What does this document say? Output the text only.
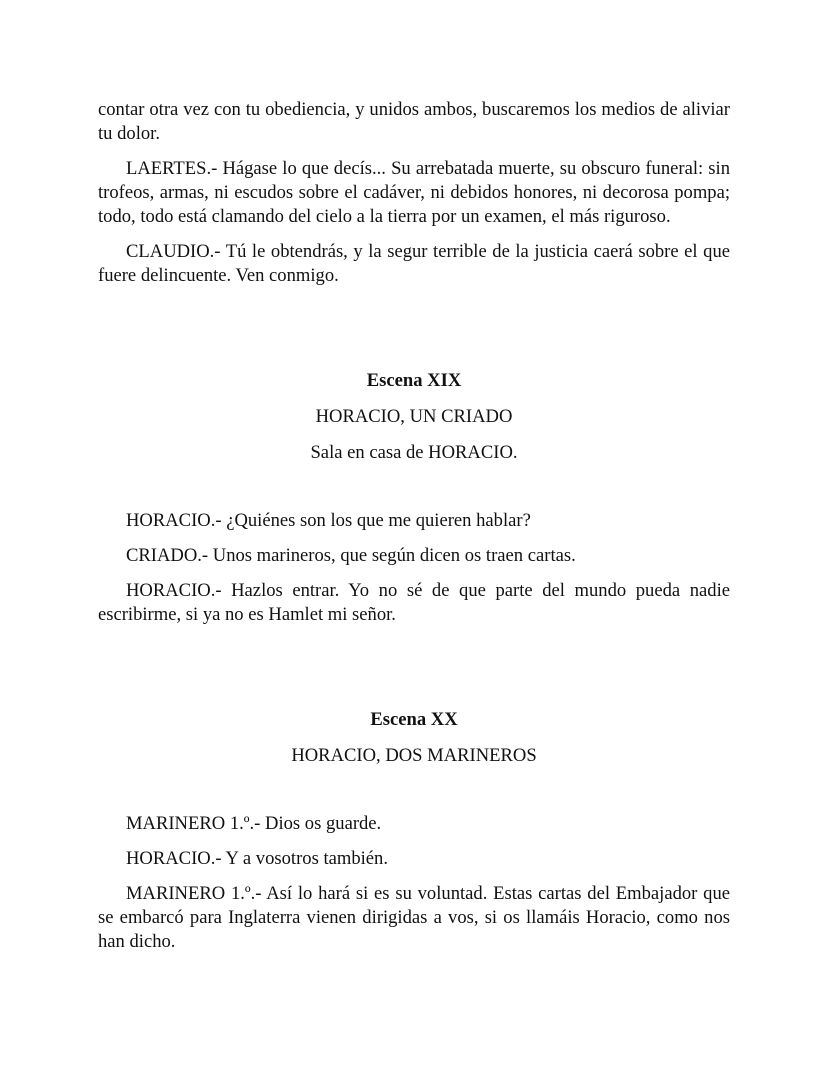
contar otra vez con tu obediencia, y unidos ambos, buscaremos los medios de aliviar tu dolor.

LAERTES.- Hágase lo que decís... Su arrebatada muerte, su obscuro funeral: sin trofeos, armas, ni escudos sobre el cadáver, ni debidos honores, ni decorosa pompa; todo, todo está clamando del cielo a la tierra por un examen, el más riguroso.

CLAUDIO.- Tú le obtendrás, y la segur terrible de la justicia caerá sobre el que fuere delincuente. Ven conmigo.

Escena XIX
HORACIO, UN CRIADO
Sala en casa de HORACIO.

HORACIO.- ¿Quiénes son los que me quieren hablar?

CRIADO.- Unos marineros, que según dicen os traen cartas.

HORACIO.- Hazlos entrar. Yo no sé de que parte del mundo pueda nadie escribirme, si ya no es Hamlet mi señor.

Escena XX
HORACIO, DOS MARINEROS

MARINERO 1.º.- Dios os guarde.

HORACIO.- Y a vosotros también.

MARINERO 1.º.- Así lo hará si es su voluntad. Estas cartas del Embajador que se embarcó para Inglaterra vienen dirigidas a vos, si os llamáis Horacio, como nos han dicho.
